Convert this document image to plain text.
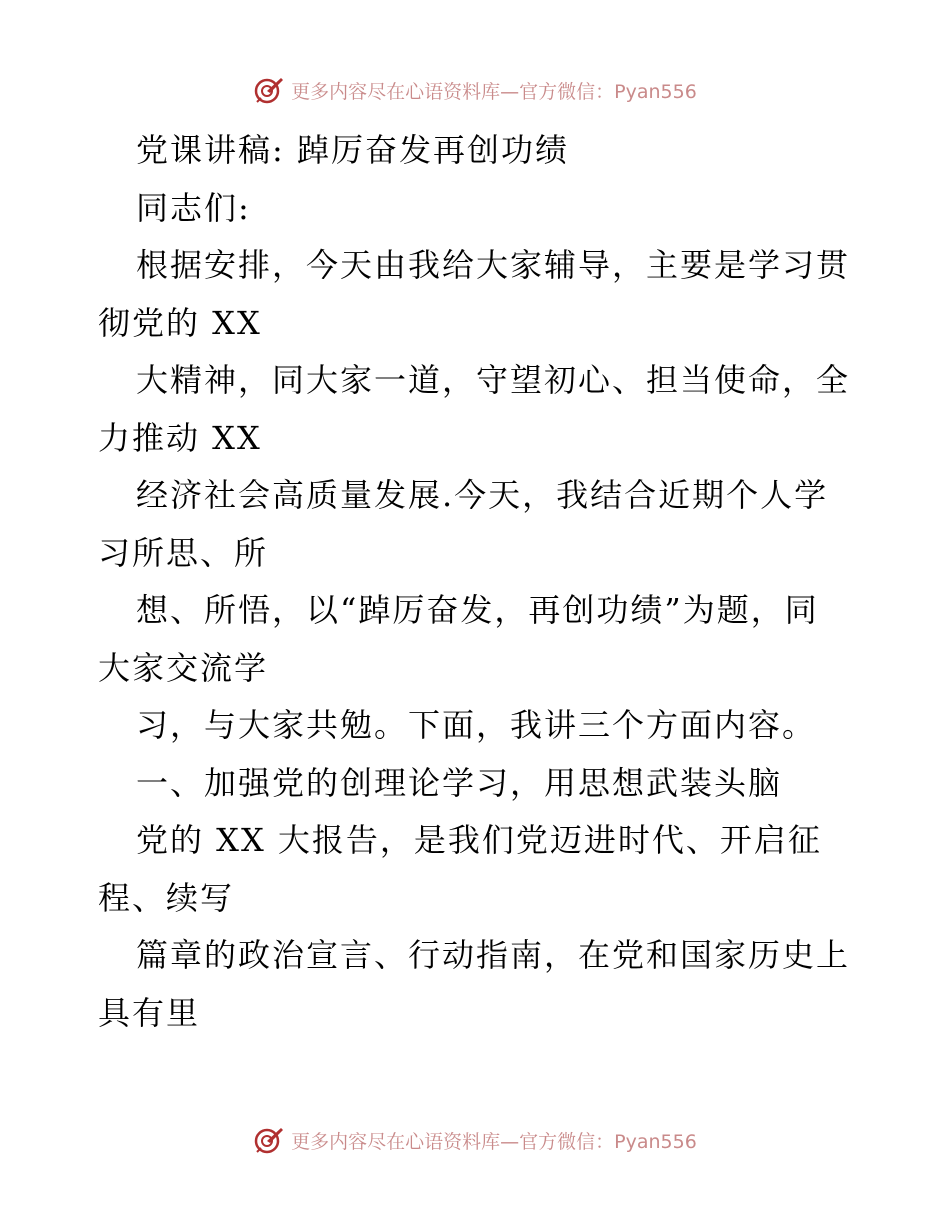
更多内容尽在心语资料库—官方微信：Pyan556
党课讲稿: 踔厉奋发再创功绩
同志们:
根据安排，今天由我给大家辅导，主要是学习贯
彻党的 XX
大精神，同大家一道，守望初心、担当使命，全
力推动 XX
经济社会高质量发展.今天，我结合近期个人学
习所思、所
想、所悟，以“踔厉奋发，再创功绩”为题，同
大家交流学
习，与大家共勉。下面，我讲三个方面内容。
一、加强党的创理论学习，用思想武装头脑
党的 XX 大报告，是我们党迈进时代、开启征
程、续写
篇章的政治宣言、行动指南，在党和国家历史上
具有里
更多内容尽在心语资料库—官方微信：Pyan556
